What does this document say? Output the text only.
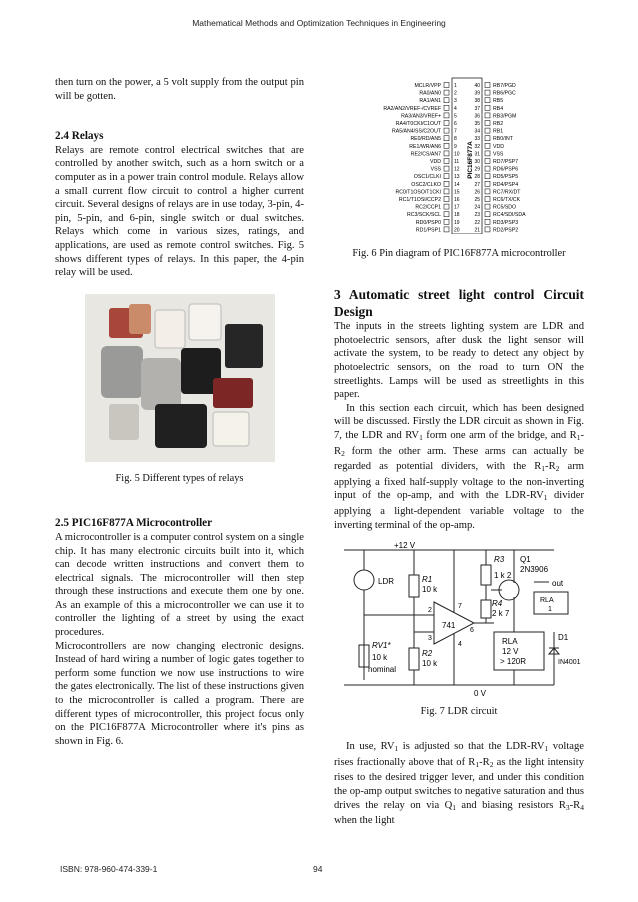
Mathematical Methods and Optimization Techniques in Engineering

then turn on the power, a 5 volt supply from the output pin will be gotten.

2.4 Relays

Relays are remote control electrical switches that are controlled by another switch, such as a horn switch or a computer as in a power train control module. Relays allow a small current flow circuit to control a higher current circuit. Several designs of relays are in use today, 3-pin, 4-pin, 5-pin, and 6-pin, single switch or dual switches. Relays which come in various sizes, ratings, and applications, are used as remote control switches. Fig. 5 shows different types of relays. In this paper, the 4-pin relay will be used.

Fig. 5 Different types of relays

2.5 PIC16F877A Microcontroller

A microcontroller is a computer control system on a single chip. It has many electronic circuits built into it, which can decode written instructions and convert them to electrical signals. The microcontroller will then step through these instructions and execute them one by one. As an example of this a microcontroller we can use it to controller the lighting of a street by using the exact procedures.

Microcontrollers are now changing electronic designs. Instead of hard wiring a number of logic gates together to perform some function we now use instructions to wire the gates electronically. The list of these instructions given to the microcontroller is called a program. There are different types of microcontroller, this project focus only on the PIC16F877A Microcontroller where it's pins as shown in Fig. 6.

PIC16F877A
MCLR/VPP	1
RA0/AN0	2
RA1/AN1	3
RA2/AN2/VREF-/CVREF	4
RA3/AN3/VREF+	5
RA4/T0CKI/C1OUT	6
RA5/AN4/SS/C2OUT	7
RE0/RD/AN5	8
RE1/WR/AN6	9
RE2/CS/AN7	10
VDD	11
VSS	12
OSC1/CLKI	13
OSC2/CLKO	14
RC0/T1OSO/T1CKI	15
RC1/T1OSI/CCP2	16
RC2/CCP1	17
RC3/SCK/SCL	18
RD0/PSP0	19
RD1/PSP1	20
RB7/PGD
40
RB6/PGC
39
RB5
38
RB4
37
RB3/PGM
36
RB2
35
RB1
34
RB0/INT
33
VDD
32
VSS
31
RD7/PSP7
30
RD6/PSP6
29
RD5/PSP5
28
RD4/PSP4
27
RC7/RX/DT
26
RC6/TX/CK
25
RC5/SDO
24
RC4/SDI/SDA
23
RD3/PSP3
22
RD2/PSP2
21

Fig. 6 Pin diagram of PIC16F877A microcontroller

3 Automatic street light control Circuit Design

The inputs in the streets lighting system are LDR and photoelectric sensors, after dusk the light sensor will activate the system, to be ready to detect any object by photoelectric sensors, on the road to turn ON the streetlights. Lamps will be used as streetlights in this paper.

In this section each circuit, which has been designed will be discussed. Firstly the LDR circuit as shown in Fig. 7, the LDR and $RV_1$ form one arm of the bridge, and $R_1-R_2$ form the other arm. These arms can actually be regarded as potential dividers, with the $R_1-R_2$ arm applying a fixed half-supply voltage to the non-inverting input of the op-amp, and with the LDR-$RV_1$ divider applying a light-dependent variable voltage to the inverting terminal of the op-amp.

+12 V
LDR	R1
10 k
R2
10 k
R3
1 k 2
R4
2 k 7
Q1
2N3906
741
2
3
4
6
7
RV1*
10 k
nominal
RLA
12 V
> 120R
RLA
1
out
D1
IN4001
0 V

Fig. 7 LDR circuit

In use, $RV_1$ is adjusted so that the LDR-$RV_1$ voltage rises fractionally above that of $R_1-R_2$ as the light intensity rises to the desired trigger lever, and under this condition the op-amp output switches to negative saturation and thus drives the relay on via $Q_1$ and biasing resistors $R_3-R_4$ when the light

ISBN: 978-960-474-339-1	94
